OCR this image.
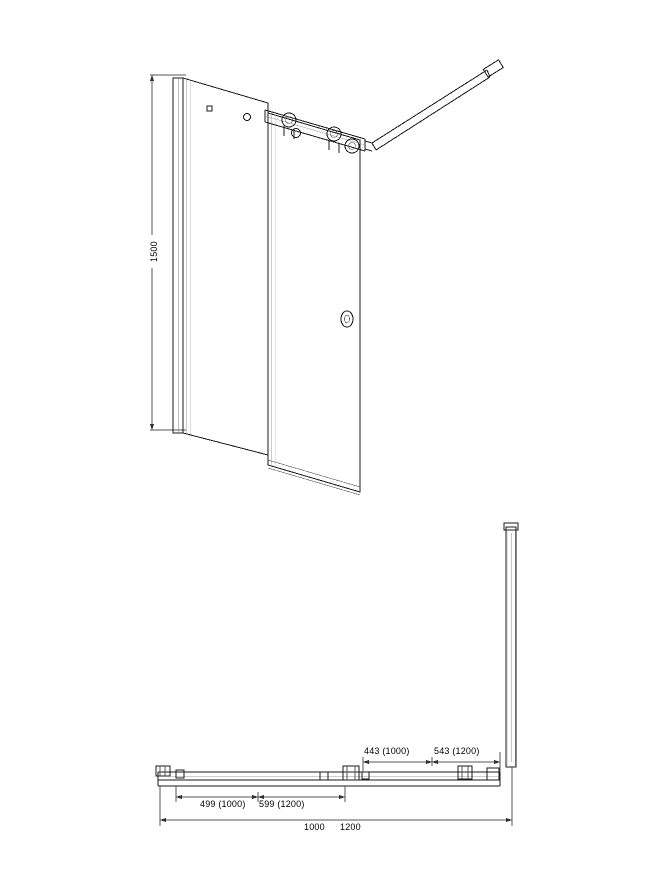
1500
443 (1000)	543 (1200)
499 (1000) 599 (1200)
1000 1200
